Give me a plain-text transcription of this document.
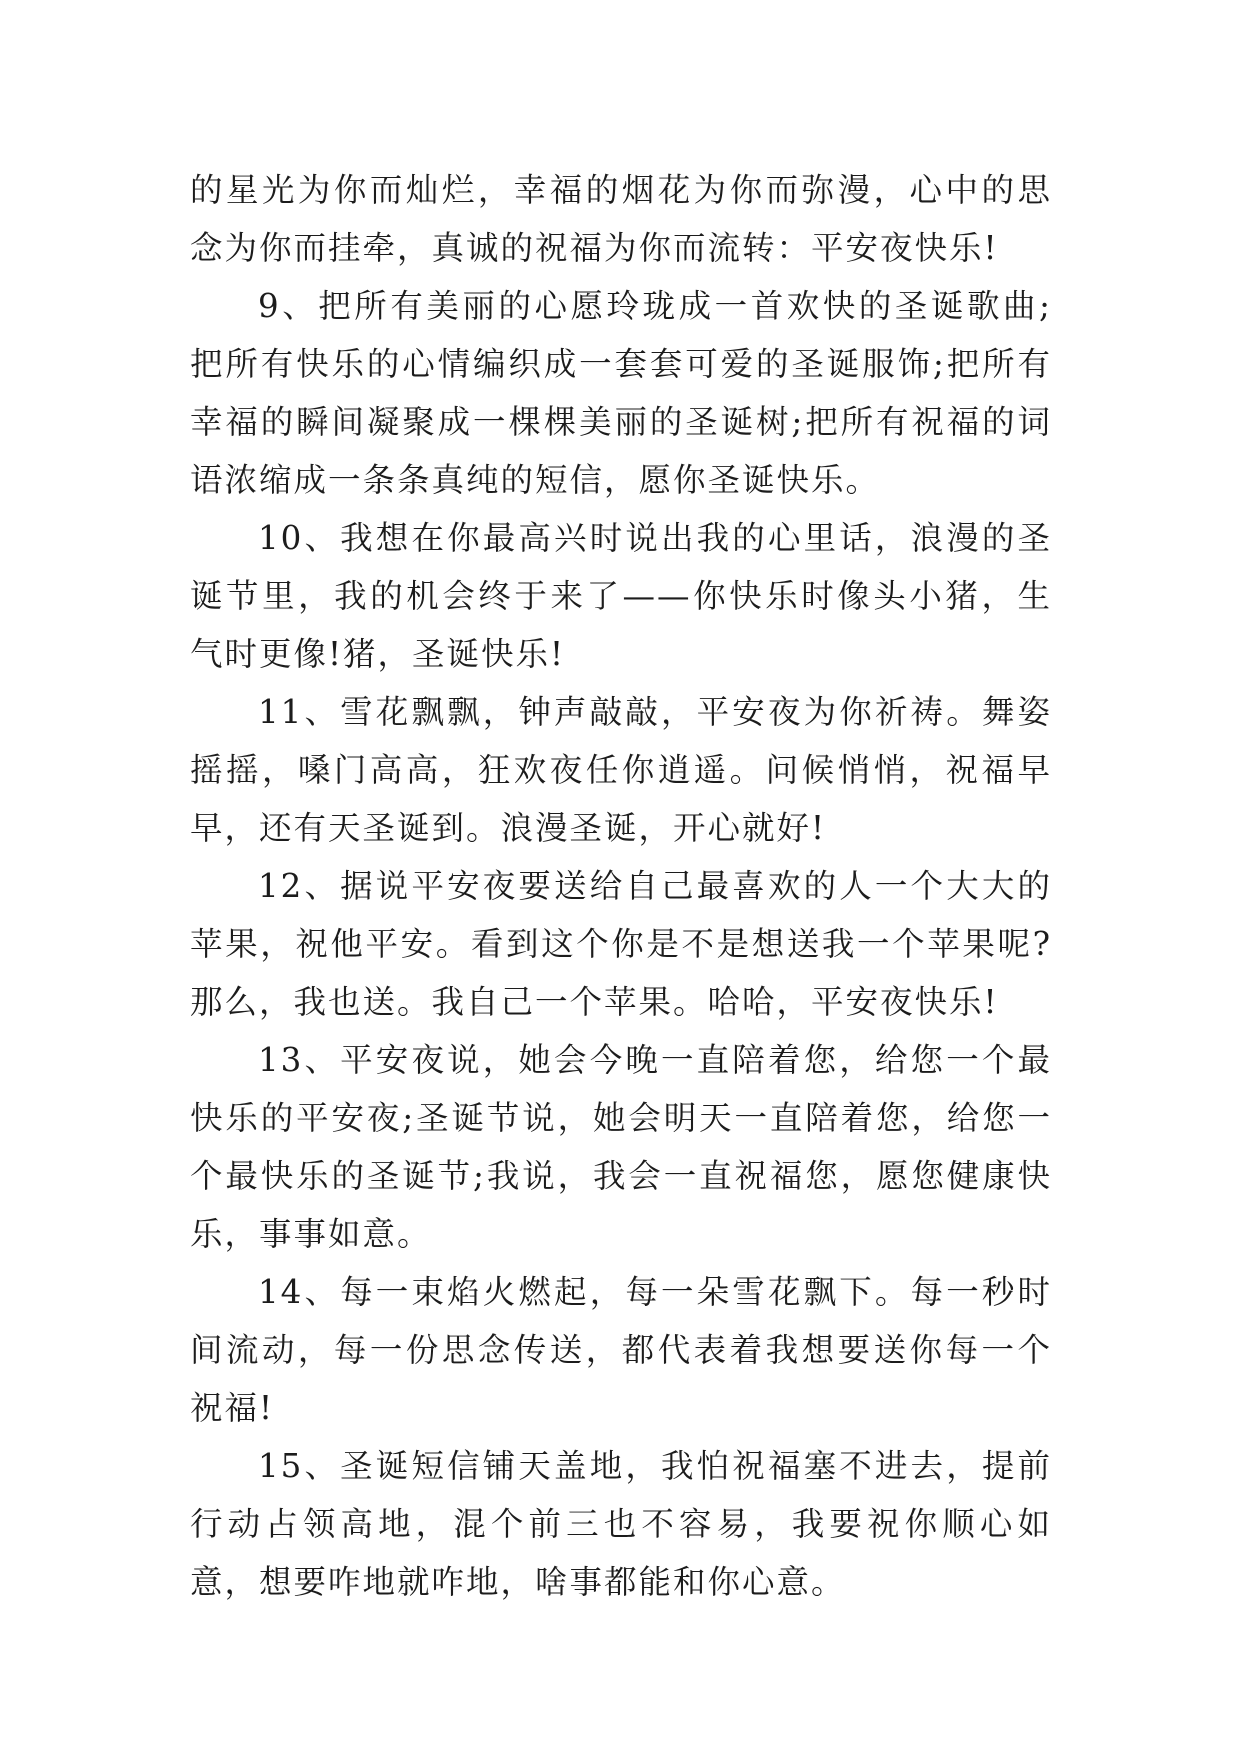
的星光为你而灿烂，幸福的烟花为你而弥漫，心中的思念为你而挂牵，真诚的祝福为你而流转：平安夜快乐!

9、把所有美丽的心愿玲珑成一首欢快的圣诞歌曲;把所有快乐的心情编织成一套套可爱的圣诞服饰;把所有幸福的瞬间凝聚成一棵棵美丽的圣诞树;把所有祝福的词语浓缩成一条条真纯的短信，愿你圣诞快乐。

10、我想在你最高兴时说出我的心里话，浪漫的圣诞节里，我的机会终于来了——你快乐时像头小猪，生气时更像!猪，圣诞快乐!

11、雪花飘飘，钟声敲敲，平安夜为你祈祷。舞姿摇摇，嗓门高高，狂欢夜任你逍遥。问候悄悄，祝福早早，还有天圣诞到。浪漫圣诞，开心就好!

12、据说平安夜要送给自己最喜欢的人一个大大的苹果，祝他平安。看到这个你是不是想送我一个苹果呢?那么，我也送。我自己一个苹果。哈哈，平安夜快乐!

13、平安夜说，她会今晚一直陪着您，给您一个最快乐的平安夜;圣诞节说，她会明天一直陪着您，给您一个最快乐的圣诞节;我说，我会一直祝福您，愿您健康快乐，事事如意。

14、每一束焰火燃起，每一朵雪花飘下。每一秒时间流动，每一份思念传送，都代表着我想要送你每一个祝福!

15、圣诞短信铺天盖地，我怕祝福塞不进去，提前行动占领高地，混个前三也不容易，我要祝你顺心如意，想要咋地就咋地，啥事都能和你心意。
